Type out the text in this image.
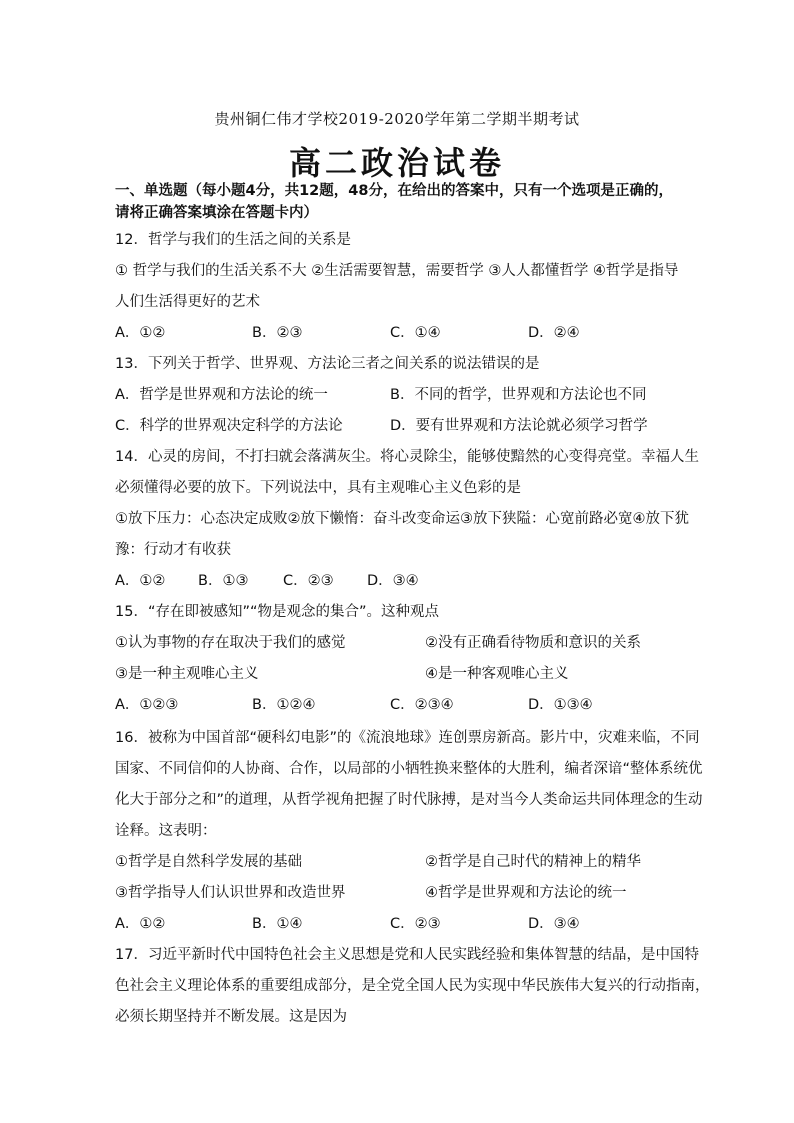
贵州铜仁伟才学校2019-2020学年第二学期半期考试
高二政治试卷
一、单选题（每小题4分，共12题，48分，在给出的答案中，只有一个选项是正确的，请将正确答案填涂在答题卡内）
12．哲学与我们的生活之间的关系是
① 哲学与我们的生活关系不大 ②生活需要智慧，需要哲学 ③人人都懂哲学 ④哲学是指导
人们生活得更好的艺术
A．①②	B．②③	C．①④	D．②④
13．下列关于哲学、世界观、方法论三者之间关系的说法错误的是
A．哲学是世界观和方法论的统一	B．不同的哲学，世界观和方法论也不同
C．科学的世界观决定科学的方法论	D．要有世界观和方法论就必须学习哲学
14．心灵的房间，不打扫就会落满灰尘。将心灵除尘，能够使黯然的心变得亮堂。幸福人生
必须懂得必要的放下。下列说法中，具有主观唯心主义色彩的是
①放下压力：心态决定成败②放下懒惰：奋斗改变命运③放下狭隘：心宽前路必宽④放下犹
豫：行动才有收获
A．①② B．①③ C．②③ D．③④
15．“存在即被感知”“物是观念的集合”。这种观点
①认为事物的存在取决于我们的感觉	②没有正确看待物质和意识的关系
③是一种主观唯心主义	④是一种客观唯心主义
A．①②③	B．①②④	C．②③④	D．①③④
16．被称为中国首部“硬科幻电影”的《流浪地球》连创票房新高。影片中，灾难来临，不同
国家、不同信仰的人协商、合作，以局部的小牺牲换来整体的大胜利，编者深谙“整体系统优
化大于部分之和”的道理，从哲学视角把握了时代脉搏，是对当今人类命运共同体理念的生动
诠释。这表明：
①哲学是自然科学发展的基础	②哲学是自己时代的精神上的精华
③哲学指导人们认识世界和改造世界	④哲学是世界观和方法论的统一
A．①②	B．①④	C．②③	D．③④
17．习近平新时代中国特色社会主义思想是党和人民实践经验和集体智慧的结晶，是中国特
色社会主义理论体系的重要组成部分，是全党全国人民为实现中华民族伟大复兴的行动指南，
必须长期坚持并不断发展。这是因为
